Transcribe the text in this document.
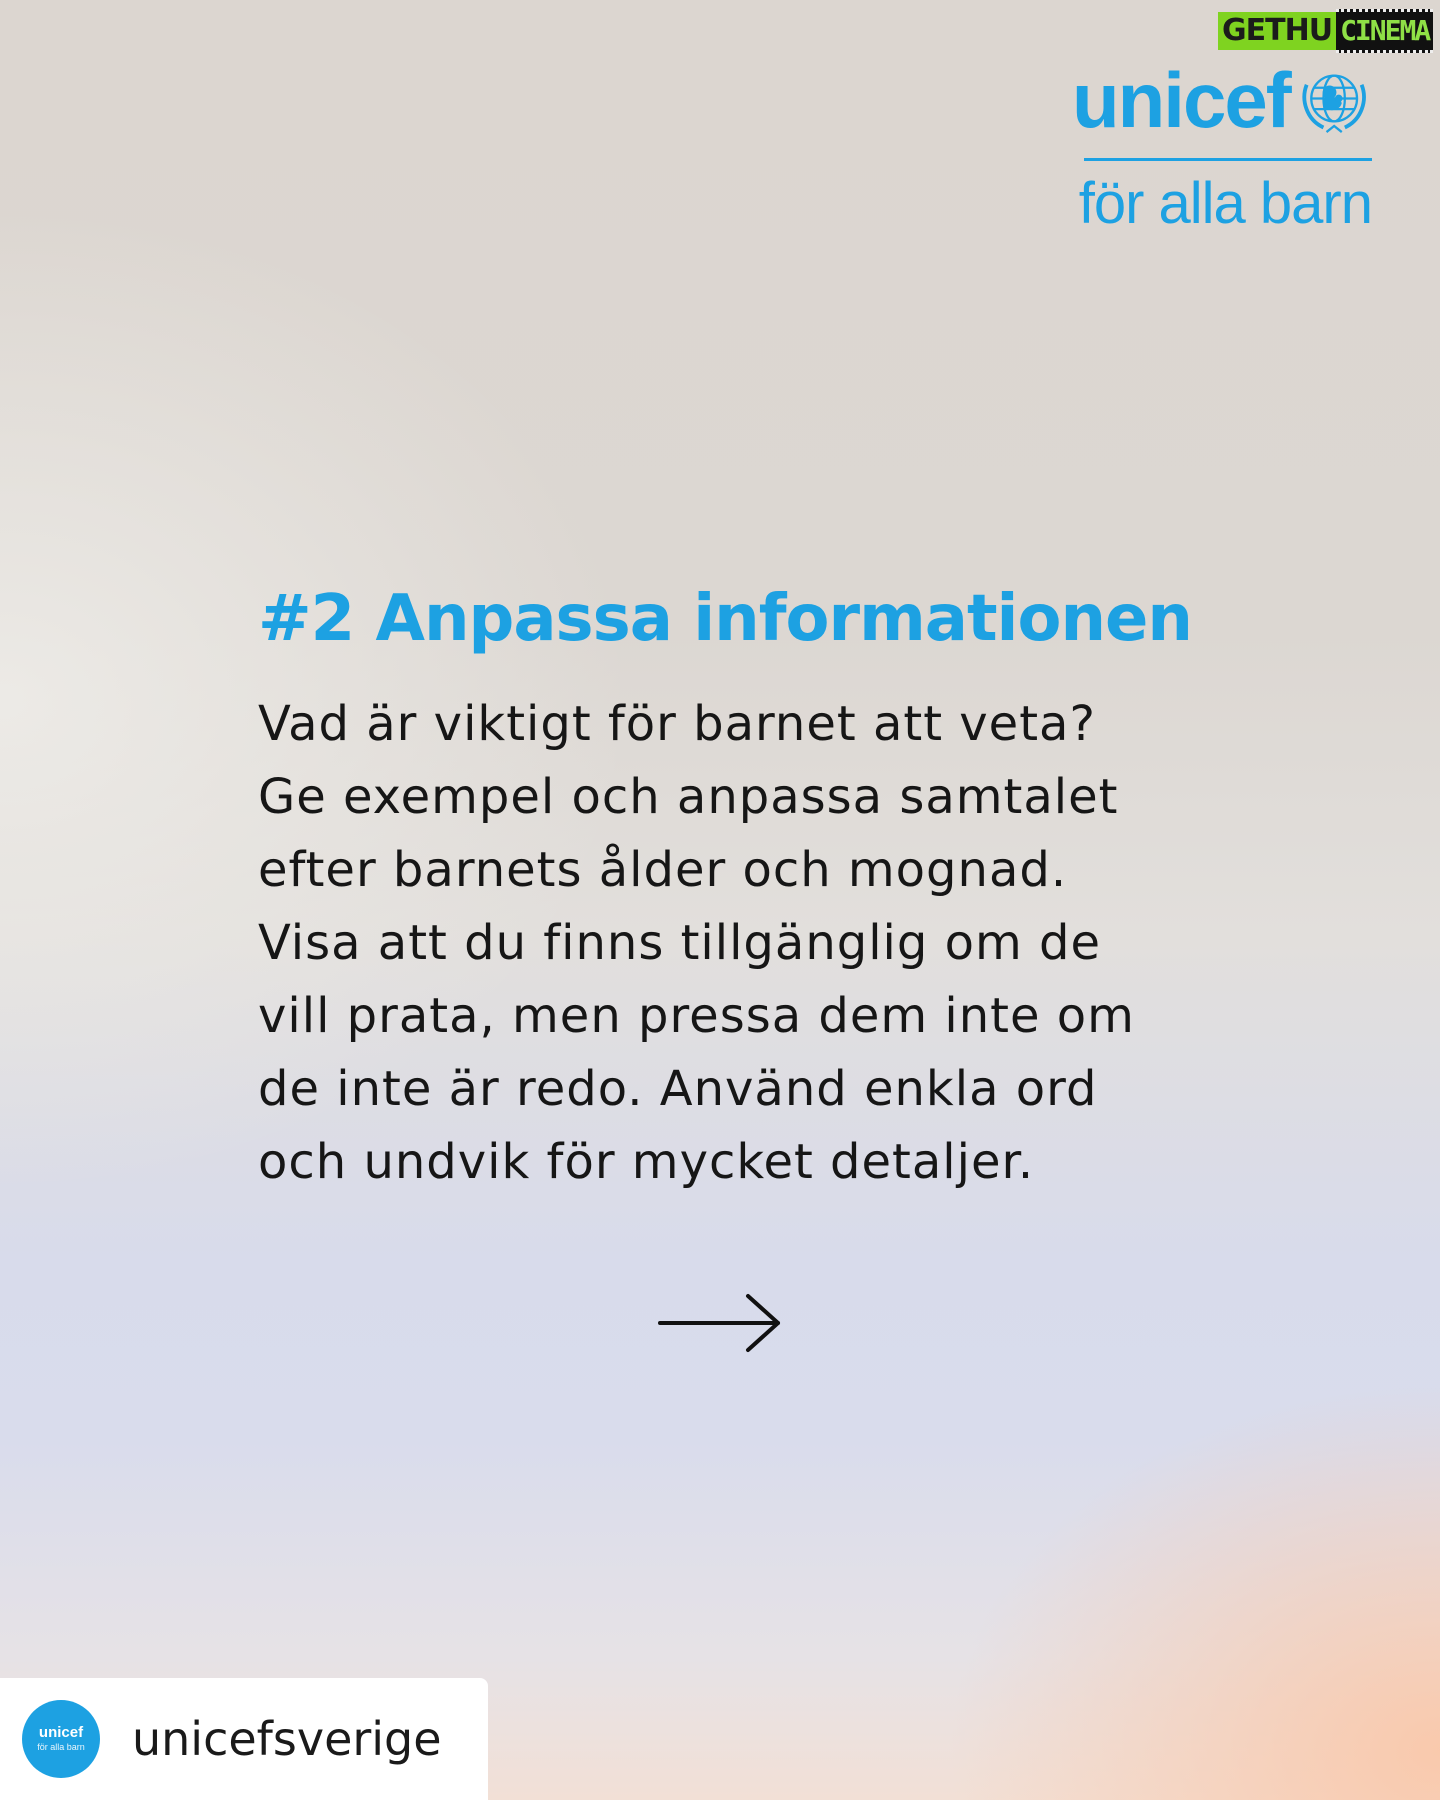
GETHU CINEMA
unicef
för alla barn
#2 Anpassa informationen

Vad är viktigt för barnet att veta?
Ge exempel och anpassa samtalet
efter barnets ålder och mognad.
Visa att du finns tillgänglig om de
vill prata, men pressa dem inte om
de inte är redo. Använd enkla ord
och undvik för mycket detaljer.

unicef
för alla barn unicefsverige
